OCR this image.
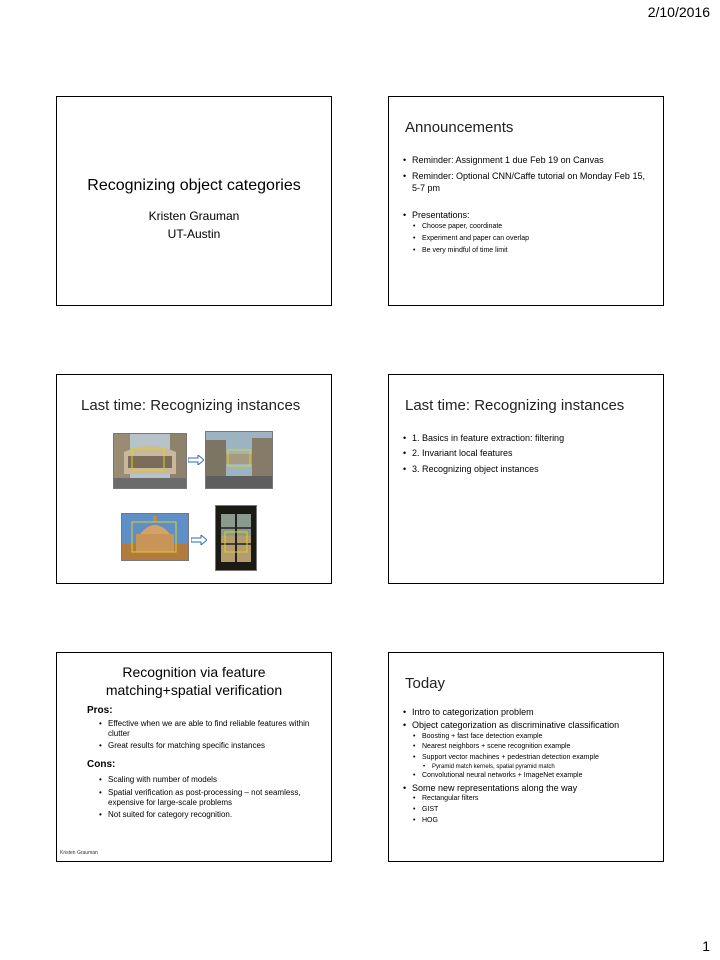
2/10/2016
Recognizing object categories
Kristen Grauman
UT-Austin
Announcements
• Reminder: Assignment 1 due Feb 19 on Canvas
• Reminder: Optional CNN/Caffe tutorial on Monday Feb 15, 5-7 pm
• Presentations:
• Choose paper, coordinate
• Experiment and paper can overlap
• Be very mindful of time limit
Last time: Recognizing instances	Last time: Recognizing instances
• 1. Basics in feature extraction: filtering
• 2. Invariant local features
• 3. Recognizing object instances
Recognition via feature
matching+spatial verification
Pros:
• Effective when we are able to find reliable features within clutter
• Great results for matching specific instances
Cons:
• Scaling with number of models
• Spatial verification as post-processing – not seamless, expensive for large-scale problems
• Not suited for category recognition.
Kristen Grauman
Today
• Intro to categorization problem
• Object categorization as discriminative classification
• Boosting + fast face detection example
• Nearest neighbors + scene recognition example
• Support vector machines + pedestrian detection example
• Pyramid match kernels, spatial pyramid match
• Convolutional neural networks + ImageNet example
• Some new representations along the way
• Rectangular filters
• GIST
• HOG
1
